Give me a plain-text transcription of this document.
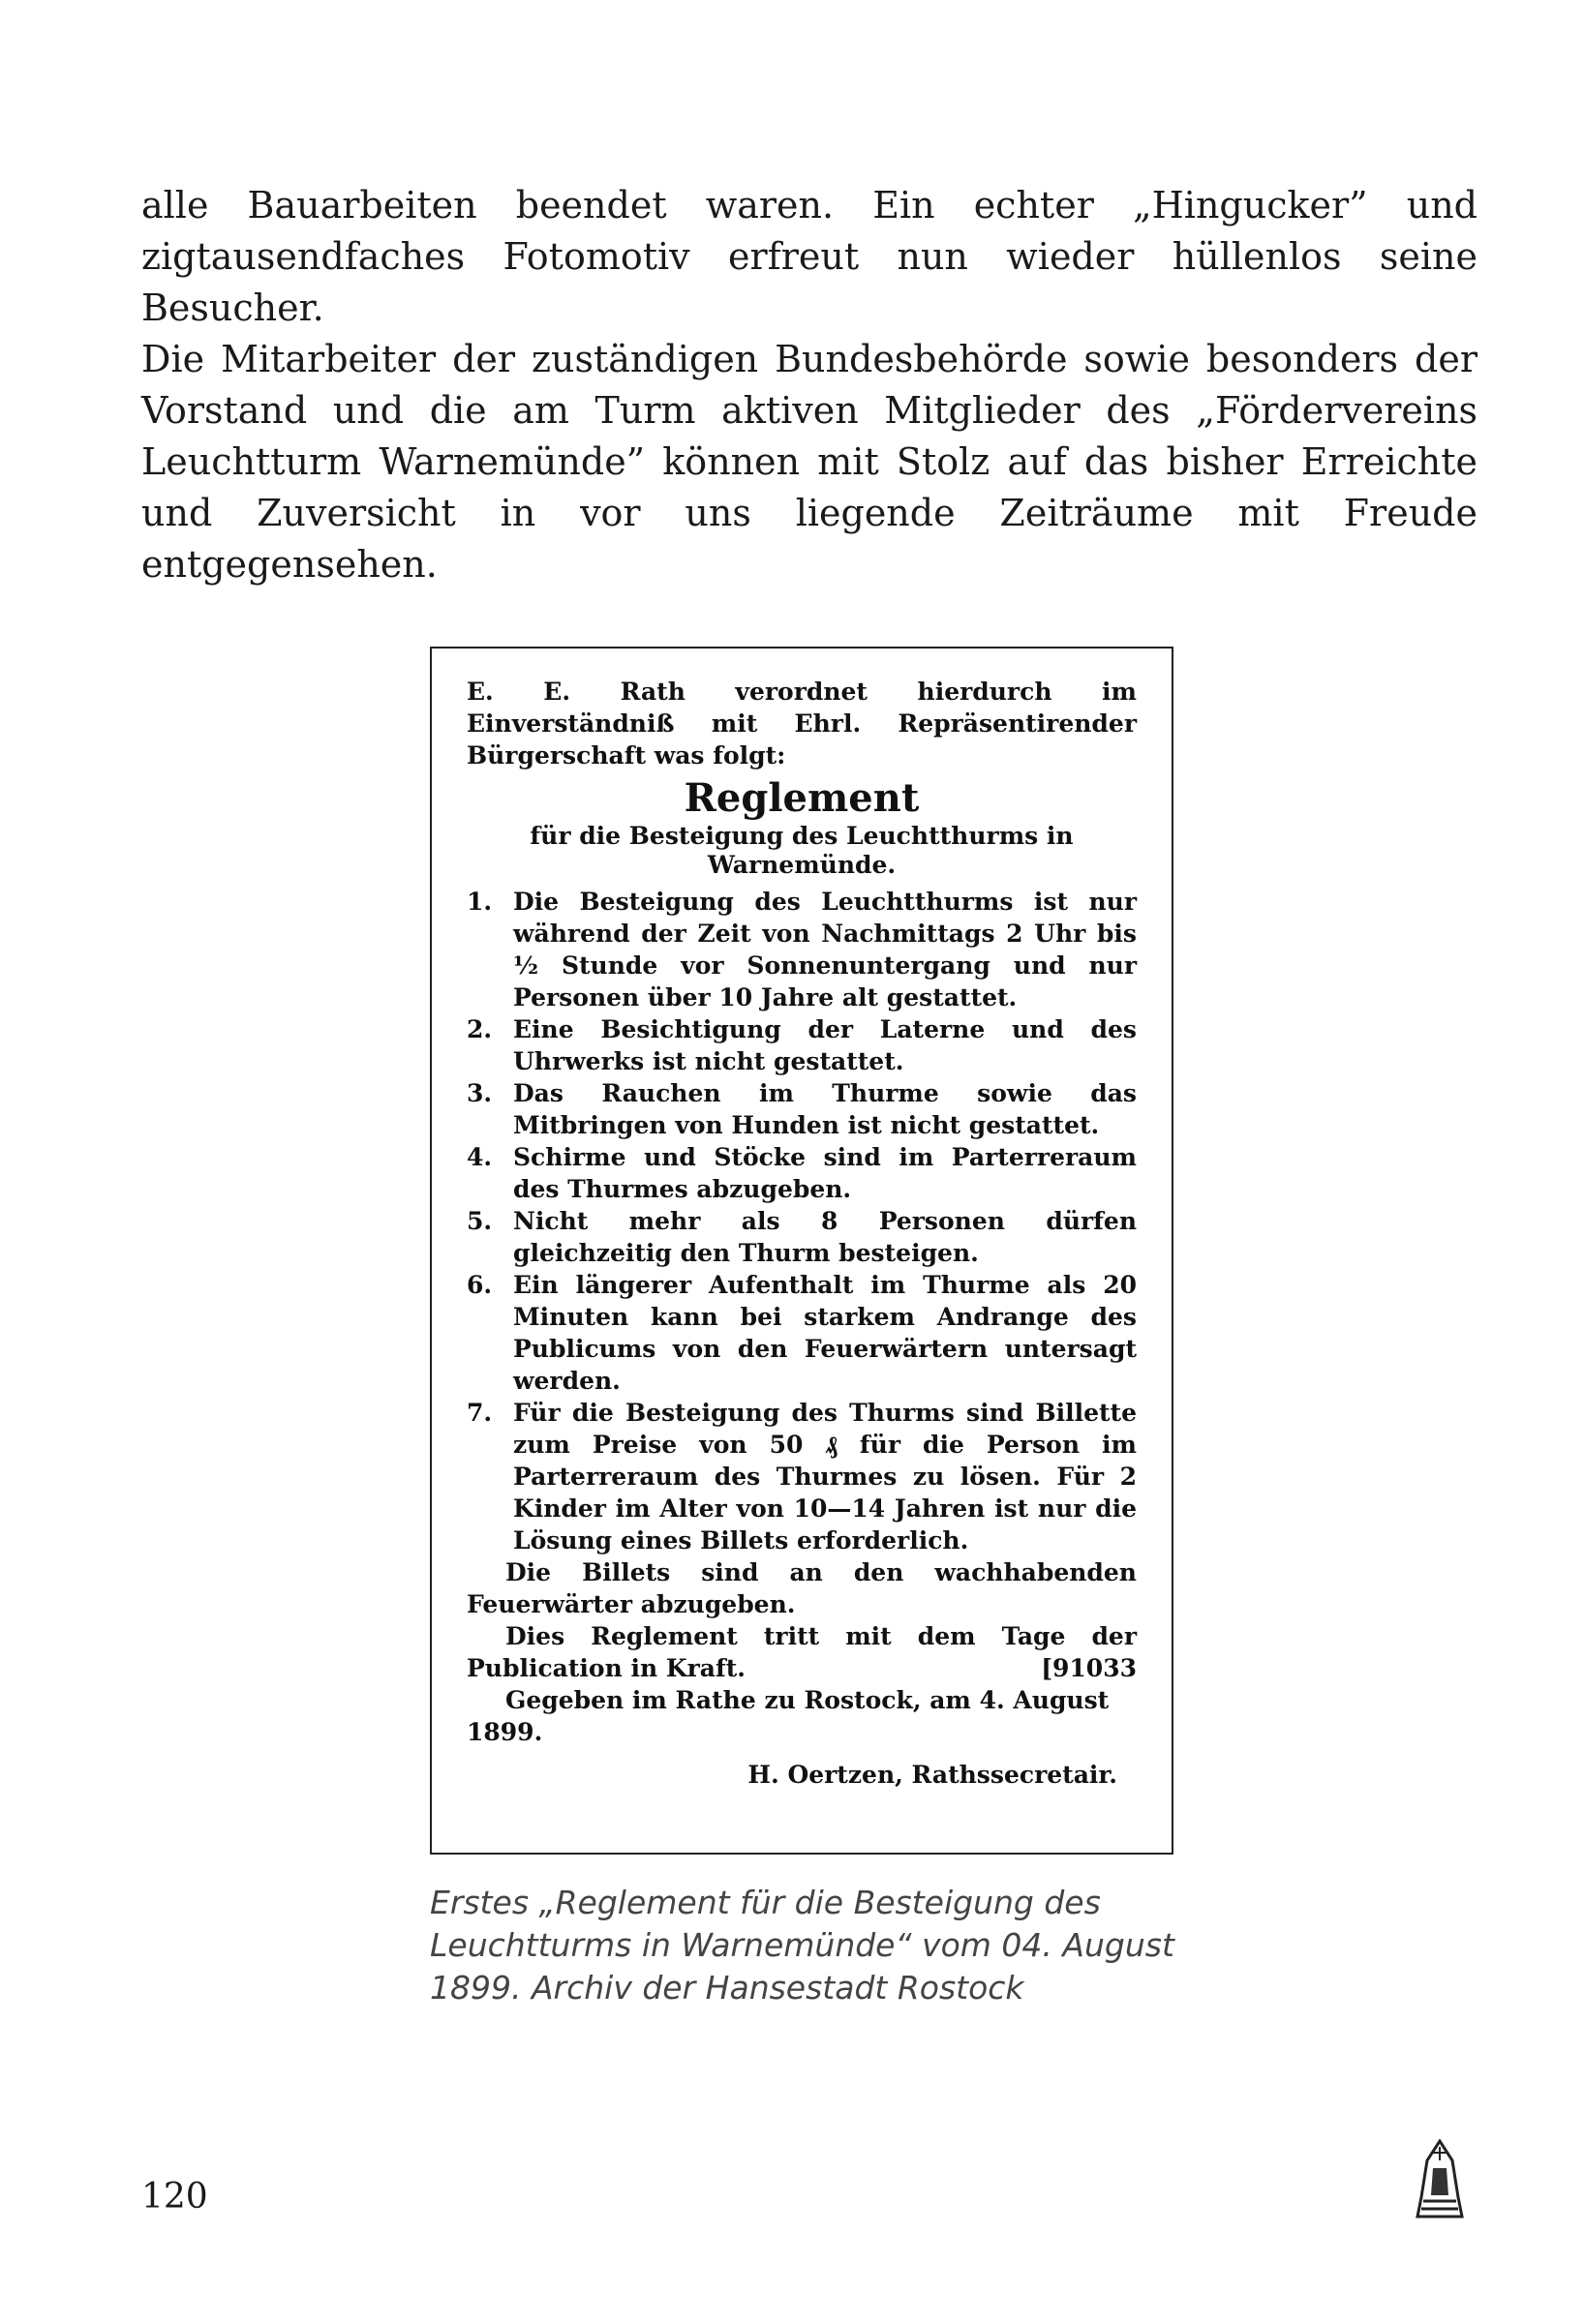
alle Bauarbeiten beendet waren. Ein echter „Hingucker” und zigtausendfaches Fotomotiv erfreut nun wieder hüllenlos seine Besucher.

Die Mitarbeiter der zuständigen Bundesbehörde sowie besonders der Vorstand und die am Turm aktiven Mitglieder des „Fördervereins Leuchtturm Warnemünde” können mit Stolz auf das bisher Erreichte und Zuversicht in vor uns liegende Zeiträume mit Freude entgegensehen.

E. E. Rath verordnet hierdurch im Einverständniß mit Ehrl. Repräsentirender Bürgerschaft was folgt:

Reglement
für die Besteigung des Leuchtthurms in Warnemünde.
1. Die Besteigung des Leuchtthurms ist nur während der Zeit von Nachmittags 2 Uhr bis ½ Stunde vor Sonnenuntergang und nur Personen über 10 Jahre alt gestattet.
2. Eine Besichtigung der Laterne und des Uhrwerks ist nicht gestattet.
3. Das Rauchen im Thurme sowie das Mitbringen von Hunden ist nicht gestattet.
4. Schirme und Stöcke sind im Parterreraum des Thurmes abzugeben.
5. Nicht mehr als 8 Personen dürfen gleichzeitig den Thurm besteigen.
6. Ein längerer Aufenthalt im Thurme als 20 Minuten kann bei starkem Andrange des Publicums von den Feuerwärtern untersagt werden.
7. Für die Besteigung des Thurms sind Billette zum Preise von 50 ₰ für die Person im Parterreraum des Thurmes zu lösen. Für 2 Kinder im Alter von 10—14 Jahren ist nur die Lösung eines Billets erforderlich.

Die Billets sind an den wachhabenden Feuerwärter abzugeben.

Dies Reglement tritt mit dem Tage der Publication in Kraft.	[91033

Gegeben im Rathe zu Rostock, am 4. August 1899.

H. Oertzen, Rathssecretair.

Erstes „Reglement für die Besteigung des Leuchtturms in Warnemünde“ vom 04. August 1899. Archiv der Hansestadt Rostock

120
